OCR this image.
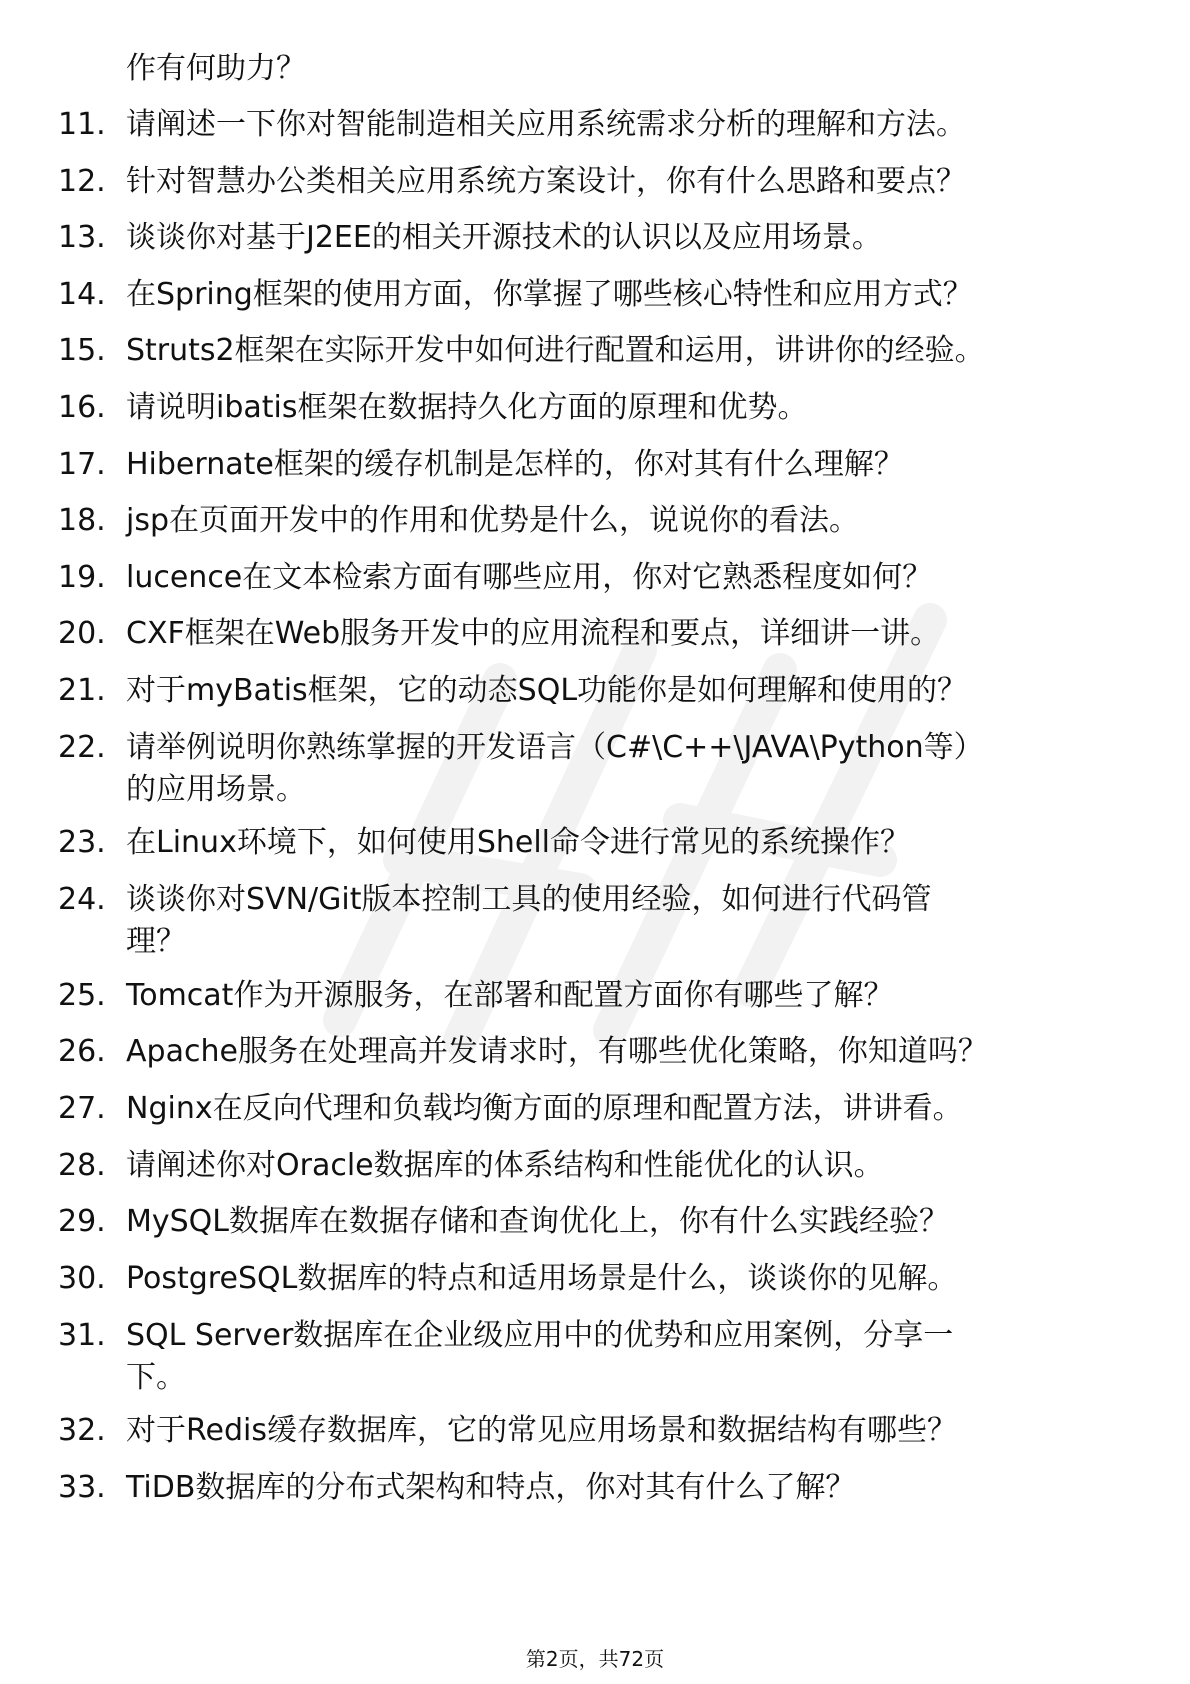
作有何助力？
11. 请阐述一下你对智能制造相关应用系统需求分析的理解和方法。
12. 针对智慧办公类相关应用系统方案设计，你有什么思路和要点？
13. 谈谈你对基于J2EE的相关开源技术的认识以及应用场景。
14. 在Spring框架的使用方面，你掌握了哪些核心特性和应用方式？
15. Struts2框架在实际开发中如何进行配置和运用，讲讲你的经验。
16. 请说明ibatis框架在数据持久化方面的原理和优势。
17. Hibernate框架的缓存机制是怎样的，你对其有什么理解？
18. jsp在页面开发中的作用和优势是什么，说说你的看法。
19. lucence在文本检索方面有哪些应用，你对它熟悉程度如何？
20. CXF框架在Web服务开发中的应用流程和要点，详细讲一讲。
21. 对于myBatis框架，它的动态SQL功能你是如何理解和使用的？
22. 请举例说明你熟练掌握的开发语言（C#\C++\JAVA\Python等）
的应用场景。
23. 在Linux环境下，如何使用Shell命令进行常见的系统操作？
24. 谈谈你对SVN/Git版本控制工具的使用经验，如何进行代码管
理？
25. Tomcat作为开源服务，在部署和配置方面你有哪些了解？
26. Apache服务在处理高并发请求时，有哪些优化策略，你知道吗？
27. Nginx在反向代理和负载均衡方面的原理和配置方法，讲讲看。
28. 请阐述你对Oracle数据库的体系结构和性能优化的认识。
29. MySQL数据库在数据存储和查询优化上，你有什么实践经验？
30. PostgreSQL数据库的特点和适用场景是什么，谈谈你的见解。
31. SQL Server数据库在企业级应用中的优势和应用案例，分享一
下。
32. 对于Redis缓存数据库，它的常见应用场景和数据结构有哪些？
33. TiDB数据库的分布式架构和特点，你对其有什么了解？
第2页，共72页
